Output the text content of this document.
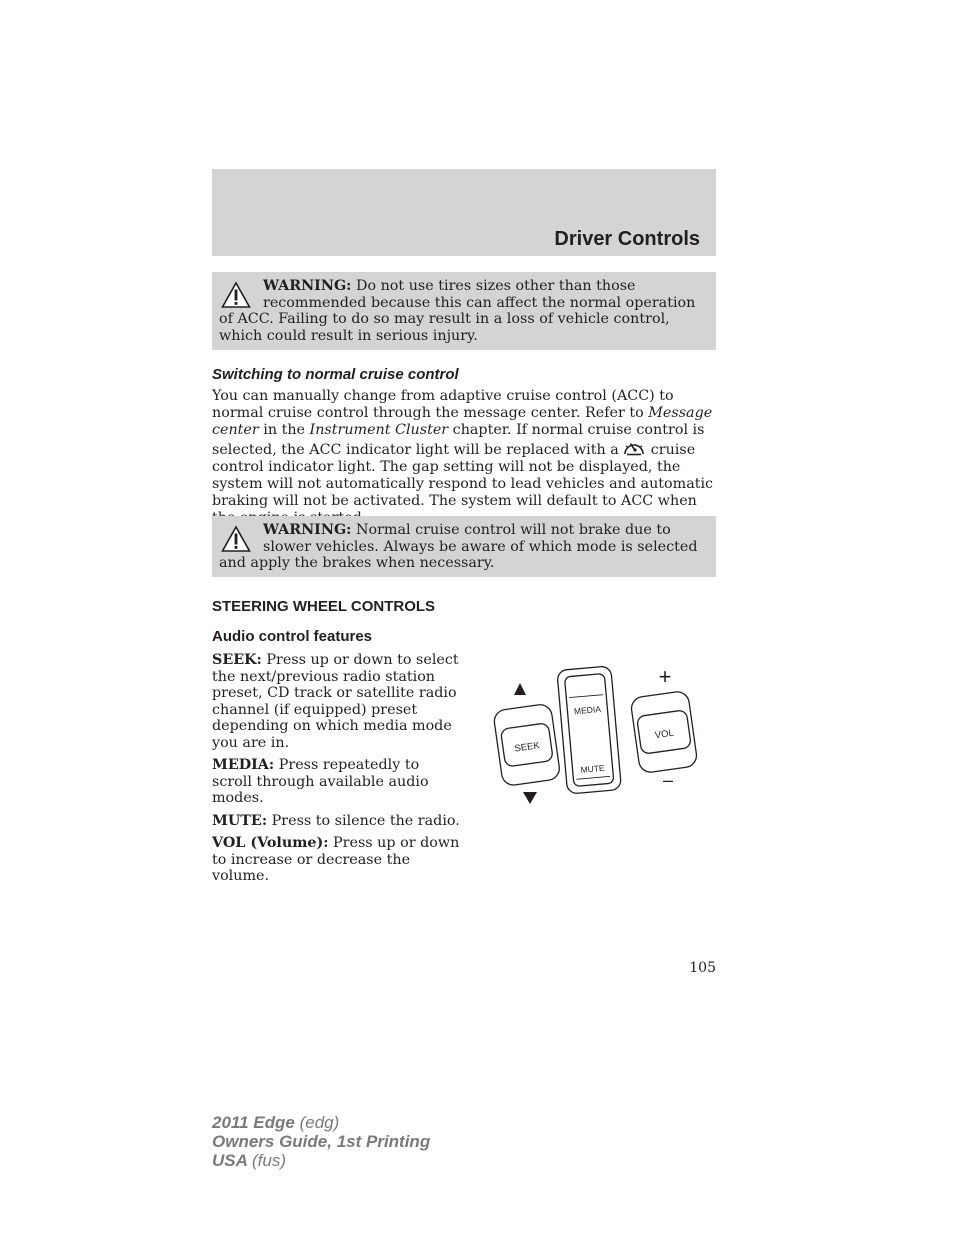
Driver Controls
WARNING: Do not use tires sizes other than those recommended because this can affect the normal operation of ACC. Failing to do so may result in a loss of vehicle control, which could result in serious injury.
Switching to normal cruise control
You can manually change from adaptive cruise control (ACC) to normal cruise control through the message center. Refer to Message center in the Instrument Cluster chapter. If normal cruise control is selected, the ACC indicator light will be replaced with a cruise control indicator light. The gap setting will not be displayed, the system will not automatically respond to lead vehicles and automatic braking will not be activated. The system will default to ACC when
WARNING: Normal cruise control will not brake due to slower vehicles. Always be aware of which mode is selected and apply the brakes when necessary.
STEERING WHEEL CONTROLS
Audio control features

SEEK: Press up or down to select the next/previous radio station preset, CD track or satellite radio channel (if equipped) preset depending on which media mode you are in.

MEDIA: Press repeatedly to scroll through available audio modes.

MUTE: Press to silence the radio.

VOL (Volume): Press up or down to increase or decrease the volume.

SEEK
MEDIA
MUTE
+
VOL
–
105
2011 Edge (edg)
Owners Guide, 1st Printing
USA (fus)
